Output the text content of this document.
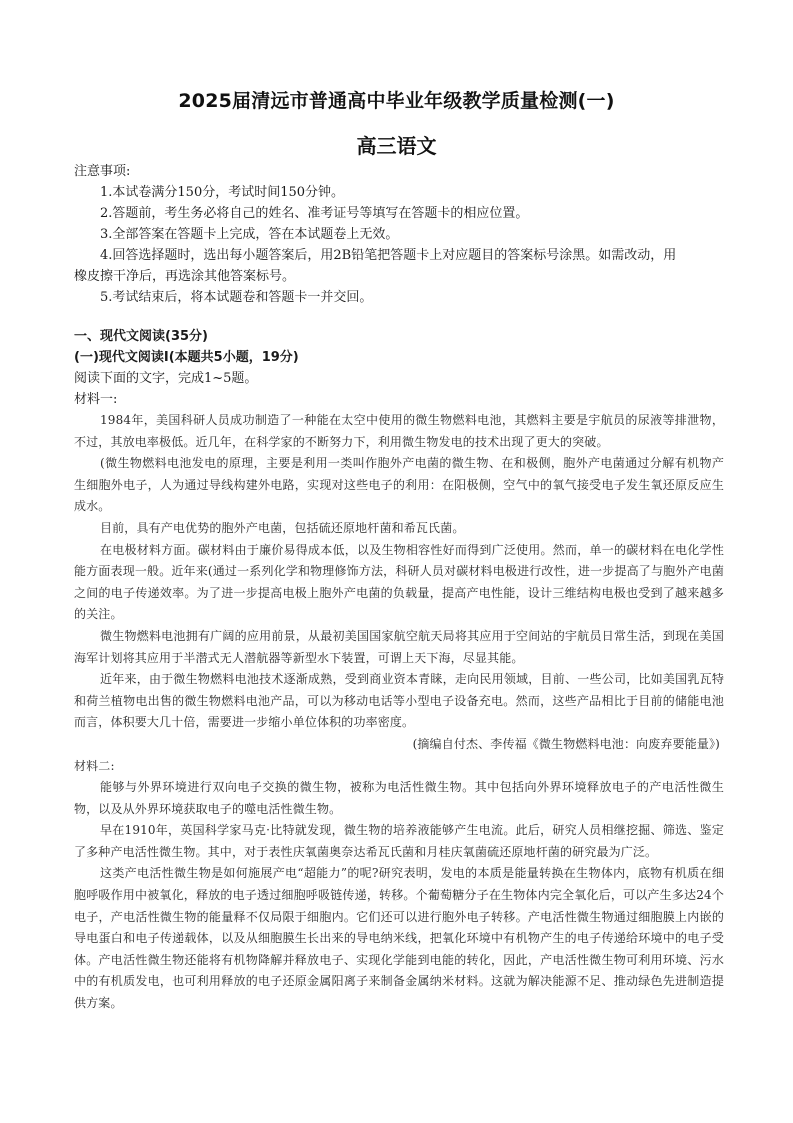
2025届清远市普通高中毕业年级教学质量检测(一)
高三语文
注意事项:
1.本试卷满分150分，考试时间150分钟。
2.答题前，考生务必将自己的姓名、准考证号等填写在答题卡的相应位置。
3.全部答案在答题卡上完成，答在本试题卷上无效。
4.回答选择题时，选出每小题答案后，用2B铅笔把答题卡上对应题目的答案标号涂黑。如需改动，用
橡皮擦干净后，再选涂其他答案标号。
5.考试结束后，将本试题卷和答题卡一并交回。
一、现代文阅读(35分)
(一)现代文阅读Ⅰ(本题共5小题，19分)
阅读下面的文字，完成1~5题。
材料一:
1984年，美国科研人员成功制造了一种能在太空中使用的微生物燃料电池，其燃料主要是宇航员的尿液等排泄物，不过，其放电率极低。近几年，在科学家的不断努力下，利用微生物发电的技术出现了更大的突破。
(微生物燃料电池发电的原理，主要是利用一类叫作胞外产电菌的微生物、在和极侧，胞外产电菌通过分解有机物产生细胞外电子，人为通过导线构建外电路，实现对这些电子的利用：在阳极侧，空气中的氧气接受电子发生氧还原反应生成水。
目前，具有产电优势的胞外产电菌，包括硫还原地杆菌和希瓦氏菌。
在电极材料方面。碳材料由于廉价易得成本低，以及生物相容性好而得到广泛使用。然而，单一的碳材料在电化学性能方面表现一般。近年来(通过一系列化学和物理修饰方法，科研人员对碳材料电极进行改性，进一步提高了与胞外产电菌之间的电子传递效率。为了进一步提高电极上胞外产电菌的负载量，提高产电性能，设计三维结构电极也受到了越来越多的关注。
微生物燃料电池拥有广阔的应用前景，从最初美国国家航空航天局将其应用于空间站的宇航员日常生活，到现在美国海军计划将其应用于半潜式无人潜航器等新型水下装置，可谓上天下海，尽显其能。
近年来，由于微生物燃料电池技术逐渐成熟，受到商业资本青睐，走向民用领域，目前、一些公司，比如美国乳瓦特和荷兰植物电出售的微生物燃料电池产品，可以为移动电话等小型电子设备充电。然而，这些产品相比于目前的储能电池而言，体积要大几十倍，需要进一步缩小单位体积的功率密度。
(摘编自付杰、李传福《微生物燃料电池：向废弃要能量》)
材料二:
能够与外界环境进行双向电子交换的微生物，被称为电活性微生物。其中包括向外界环境释放电子的产电活性微生物，以及从外界环境获取电子的噬电活性微生物。
早在1910年，英国科学家马克·比特就发现，微生物的培养液能够产生电流。此后，研究人员相继挖掘、筛选、鉴定了多种产电活性微生物。其中，对于表性庆氧菌奥奈达希瓦氏菌和月桂庆氧菌硫还原地杆菌的研究最为广泛。
这类产电活性微生物是如何施展产电“超能力”的呢?研究表明，发电的本质是能量转换在生物体内，底物有机质在细胞呼吸作用中被氧化，释放的电子透过细胞呼吸链传递，转移。个葡萄糖分子在生物体内完全氧化后，可以产生多达24个电子，产电活性微生物的能量释不仅局限于细胞内。它们还可以进行胞外电子转移。产电活性微生物通过细胞膜上内嵌的导电蛋白和电子传递载体，以及从细胞膜生长出来的导电纳米线，把氧化环境中有机物产生的电子传递给环境中的电子受体。产电活性微生物还能将有机物降解并释放电子、实现化学能到电能的转化，因此，产电活性微生物可利用环境、污水中的有机质发电，也可利用释放的电子还原金属阳离子来制备金属纳米材料。这就为解决能源不足、推动绿色先进制造提供方案。
